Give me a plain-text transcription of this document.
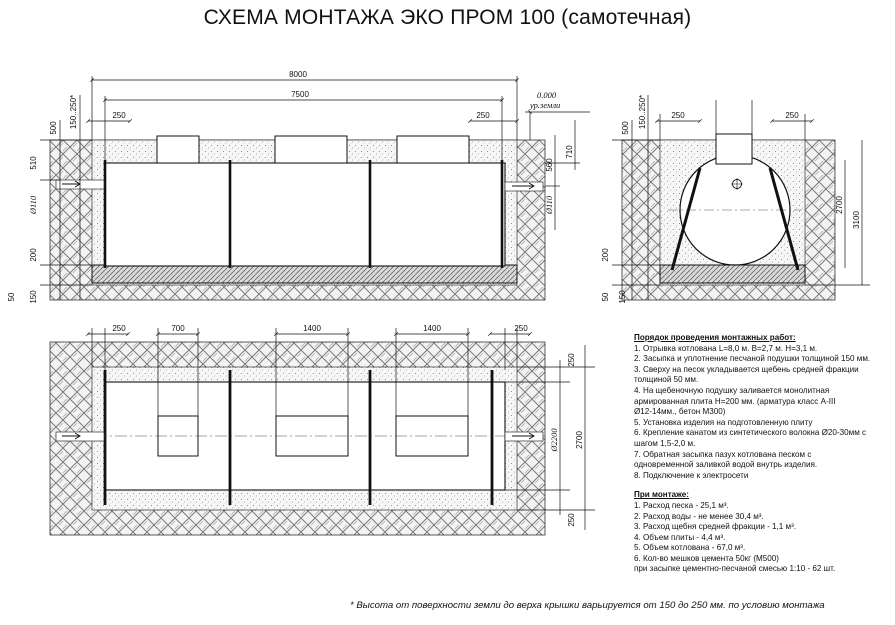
СХЕМА МОНТАЖА ЭКО ПРОМ 100 (самотечная)
8000
7500
250	250
0.000
ур.земли
500 150..250*
510
Ø110
200
50 150
560
710
Ø110
250	250
500 150..250*
200
50 150
2700
3100
250	700	1400	1400	250
250
Ø2200 2700
250
Порядок проведения монтажных работ:
1. Отрывка котлована L=8,0 м. В=2,7 м. Н=3,1 м.
2. Засыпка и уплотнение песчаной подушки толщиной 150 мм.
3. Сверху на песок укладывается щебень средней фракции
толщиной 50 мм.
4. На щебеночную подушку заливается монолитная
армированная плита Н=200 мм. (арматура класс А-III
Ø12-14мм., бетон М300)
5. Установка изделия на подготовленную плиту
6. Крепление канатом из синтетического волокна Ø20-30мм с
шагом 1,5-2,0 м.
7. Обратная засыпка пазух котлована песком с
одновременной заливкой водой внутрь изделия.
8. Подключение к электросети
При монтаже:
1. Расход песка - 25,1 м³.
2. Расход воды - не менее 30,4 м³.
3. Расход щебня средней фракции - 1,1 м³.
4. Объем плиты - 4,4 м³.
5. Объем котлована - 67,0 м³.
6. Кол-во мешков цемента 50кг (М500)
при засыпке цементно-песчаной смесью 1:10 - 62 шт.
* Высота от поверхности земли до верха крышки варьируется от 150 до 250 мм. по условию монтажа
